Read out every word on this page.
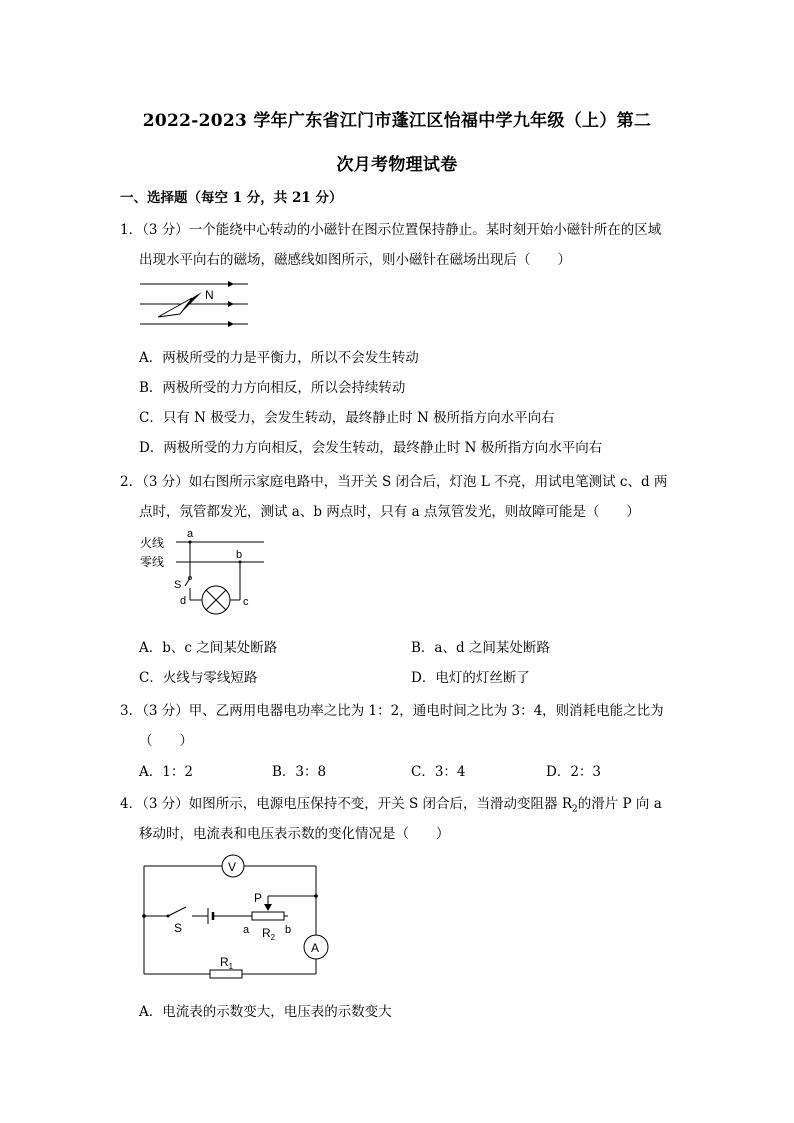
2022-2023 学年广东省江门市蓬江区怡福中学九年级（上）第二
次月考物理试卷
一、选择题（每空 1 分，共 21 分）
1．（3 分）一个能绕中心转动的小磁针在图示位置保持静止。某时刻开始小磁针所在的区域
出现水平向右的磁场，磁感线如图所示，则小磁针在磁场出现后（　　）
N
A．两极所受的力是平衡力，所以不会发生转动
B．两极所受的力方向相反，所以会持续转动
C．只有 N 极受力，会发生转动，最终静止时 N 极所指方向水平向右
D．两极所受的力方向相反，会发生转动，最终静止时 N 极所指方向水平向右
2．（3 分）如右图所示家庭电路中，当开关 S 闭合后，灯泡 L 不亮，用试电笔测试 c、d 两
点时，氖管都发光，测试 a、b 两点时，只有 a 点氖管发光，则故障可能是（　　）
火线
零线
a
b
S
d	c
A．b、c 之间某处断路	B．a、d 之间某处断路
C．火线与零线短路	D．电灯的灯丝断了
3．（3 分）甲、乙两用电器电功率之比为 1：2，通电时间之比为 3：4，则消耗电能之比为
（　　）
A．1：2	B．3：8	C．3：4	D．2：3
4．（3 分）如图所示，电源电压保持不变，开关 S 闭合后，当滑动变阻器 $R_2$的滑片 P 向 a
移动时，电流表和电压表示数的变化情况是（　　）
V
A
P
S	a $R_2$
b
$R_1$
A．电流表的示数变大，电压表的示数变大
